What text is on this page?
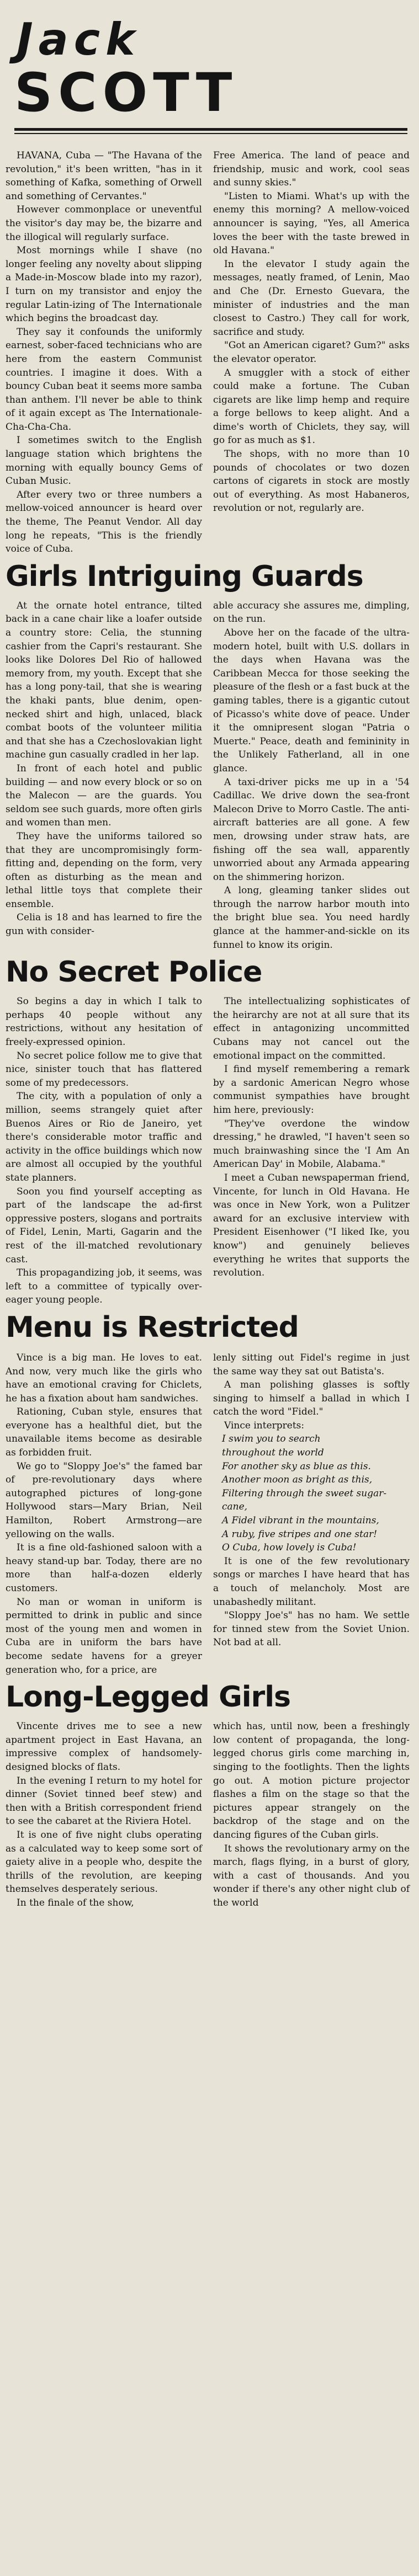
Jack
SCOTT

HAVANA, Cuba — "The Havana of the revolution," it's been written, "has in it something of Kafka, something of Orwell and something of Cervantes."

However commonplace or uneventful the visitor's day may be, the bizarre and the illogical will regularly surface.

Most mornings while I shave (no longer feeling any novelty about slipping a Made-in-Moscow blade into my razor), I turn on my transistor and enjoy the regular Latin-izing of The Internationale which begins the broadcast day.

They say it confounds the uniformly earnest, sober-faced technicians who are here from the eastern Communist countries. I imagine it does. With a bouncy Cuban beat it seems more samba than anthem. I'll never be able to think of it again except as The Internationale-Cha-Cha-Cha.

I sometimes switch to the English language station which brightens the morning with equally bouncy Gems of Cuban Music.

After every two or three numbers a mellow-voiced announcer is heard over the theme, The Peanut Vendor. All day long he repeats, "This is the friendly voice of Cuba.

Free America. The land of peace and friendship, music and work, cool seas and sunny skies."

"Listen to Miami. What's up with the enemy this morning? A mellow-voiced announcer is saying, "Yes, all America loves the beer with the taste brewed in old Havana."

In the elevator I study again the messages, neatly framed, of Lenin, Mao and Che (Dr. Ernesto Guevara, the minister of industries and the man closest to Castro.) They call for work, sacrifice and study.

"Got an American cigaret? Gum?" asks the elevator operator.

A smuggler with a stock of either could make a fortune. The Cuban cigarets are like limp hemp and require a forge bellows to keep alight. And a dime's worth of Chiclets, they say, will go for as much as $1.

The shops, with no more than 10 pounds of chocolates or two dozen cartons of cigarets in stock are mostly out of everything. As most Habaneros, revolution or not, regularly are.

Girls Intriguing Guards

At the ornate hotel entrance, tilted back in a cane chair like a loafer outside a country store: Celia, the stunning cashier from the Capri's restaurant. She looks like Dolores Del Rio of hallowed memory from, my youth. Except that she has a long pony-tail, that she is wearing the khaki pants, blue denim, open-necked shirt and high, unlaced, black combat boots of the volunteer militia and that she has a Czechoslovakian light machine gun casually cradled in her lap.

In front of each hotel and public building — and now every block or so on the Malecon — are the guards. You seldom see such guards, more often girls and women than men.

They have the uniforms tailored so that they are uncompromisingly form-fitting and, depending on the form, very often as disturbing as the mean and lethal little toys that complete their ensemble.

Celia is 18 and has learned to fire the gun with consider-

able accuracy she assures me, dimpling, on the run.

Above her on the facade of the ultra-modern hotel, built with U.S. dollars in the days when Havana was the Caribbean Mecca for those seeking the pleasure of the flesh or a fast buck at the gaming tables, there is a gigantic cutout of Picasso's white dove of peace. Under it the omnipresent slogan "Patria o Muerte." Peace, death and femininity in the Unlikely Fatherland, all in one glance.

A taxi-driver picks me up in a '54 Cadillac. We drive down the sea-front Malecon Drive to Morro Castle. The anti-aircraft batteries are all gone. A few men, drowsing under straw hats, are fishing off the sea wall, apparently unworried about any Armada appearing on the shimmering horizon.

A long, gleaming tanker slides out through the narrow harbor mouth into the bright blue sea. You need hardly glance at the hammer-and-sickle on its funnel to know its origin.

No Secret Police

So begins a day in which I talk to perhaps 40 people without any restrictions, without any hesitation of freely-expressed opinion.

No secret police follow me to give that nice, sinister touch that has flattered some of my predecessors.

The city, with a population of only a million, seems strangely quiet after Buenos Aires or Rio de Janeiro, yet there's considerable motor traffic and activity in the office buildings which now are almost all occupied by the youthful state planners.

Soon you find yourself accepting as part of the landscape the ad-first oppressive posters, slogans and portraits of Fidel, Lenin, Marti, Gagarin and the rest of the ill-matched revolutionary cast.

This propagandizing job, it seems, was left to a committee of typically over-eager young people.

The intellectualizing sophisticates of the heirarchy are not at all sure that its effect in antagonizing uncommitted Cubans may not cancel out the emotional impact on the committed.

I find myself remembering a remark by a sardonic American Negro whose communist sympathies have brought him here, previously:

"They've overdone the window dressing," he drawled, "I haven't seen so much brainwashing since the 'I Am An American Day' in Mobile, Alabama."

I meet a Cuban newspaperman friend, Vincente, for lunch in Old Havana. He was once in New York, won a Pulitzer award for an exclusive interview with President Eisenhower ("I liked Ike, you know") and genuinely believes everything he writes that supports the revolution.

Menu is Restricted

Vince is a big man. He loves to eat. And now, very much like the girls who have an emotional craving for Chiclets, he has a fixation about ham sandwiches.

Rationing, Cuban style, ensures that everyone has a healthful diet, but the unavailable items become as desirable as forbidden fruit.

We go to "Sloppy Joe's" the famed bar of pre-revolutionary days where autographed pictures of long-gone Hollywood stars—Mary Brian, Neil Hamilton, Robert Armstrong—are yellowing on the walls.

It is a fine old-fashioned saloon with a heavy stand-up bar. Today, there are no more than half-a-dozen elderly customers.

No man or woman in uniform is permitted to drink in public and since most of the young men and women in Cuba are in uniform the bars have become sedate havens for a greyer generation who, for a price, are

lenly sitting out Fidel's regime in just the same way they sat out Batista's.

A man polishing glasses is softly singing to himself a ballad in which I catch the word "Fidel."

Vince interprets:

I swim you to search

throughout the world

For another sky as blue as this.

Another moon as bright as this,

Filtering through the sweet sugar-cane,

A Fidel vibrant in the mountains,

A ruby, five stripes and one star!

O Cuba, how lovely is Cuba!

It is one of the few revolutionary songs or marches I have heard that has a touch of melancholy. Most are unabashedly militant.

"Sloppy Joe's" has no ham. We settle for tinned stew from the Soviet Union. Not bad at all.

Long-Legged Girls

Vincente drives me to see a new apartment project in East Havana, an impressive complex of handsomely-designed blocks of flats.

In the evening I return to my hotel for dinner (Soviet tinned beef stew) and then with a British correspondent friend to see the cabaret at the Riviera Hotel.

It is one of five night clubs operating as a calculated way to keep some sort of gaiety alive in a people who, despite the thrills of the revolution, are keeping themselves desperately serious.

In the finale of the show,

which has, until now, been a freshingly low content of propaganda, the long-legged chorus girls come marching in, singing to the footlights. Then the lights go out. A motion picture projector flashes a film on the stage so that the pictures appear strangely on the backdrop of the stage and on the dancing figures of the Cuban girls.

It shows the revolutionary army on the march, flags flying, in a burst of glory, with a cast of thousands. And you wonder if there's any other night club of the world
